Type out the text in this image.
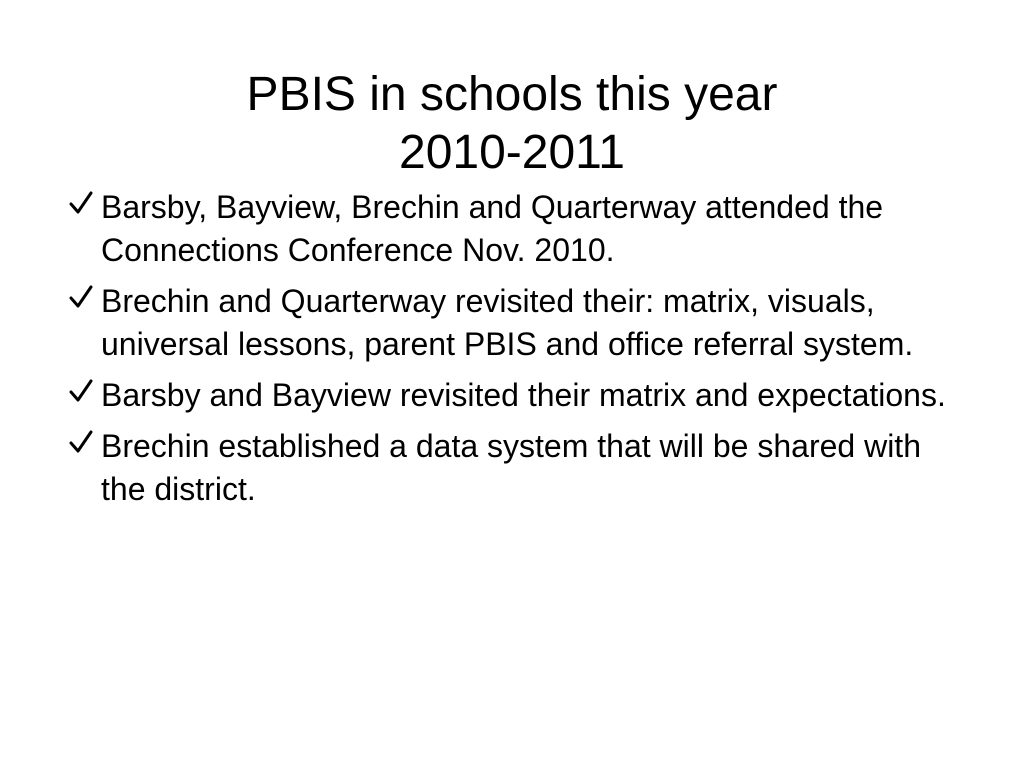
PBIS in schools this year
2010-2011
Barsby, Bayview, Brechin and Quarterway attended the Connections Conference Nov. 2010.
Brechin and Quarterway revisited their: matrix, visuals, universal lessons, parent PBIS and office referral system.
Barsby and Bayview revisited their matrix and expectations.
Brechin established a data system that will be shared with the district.
